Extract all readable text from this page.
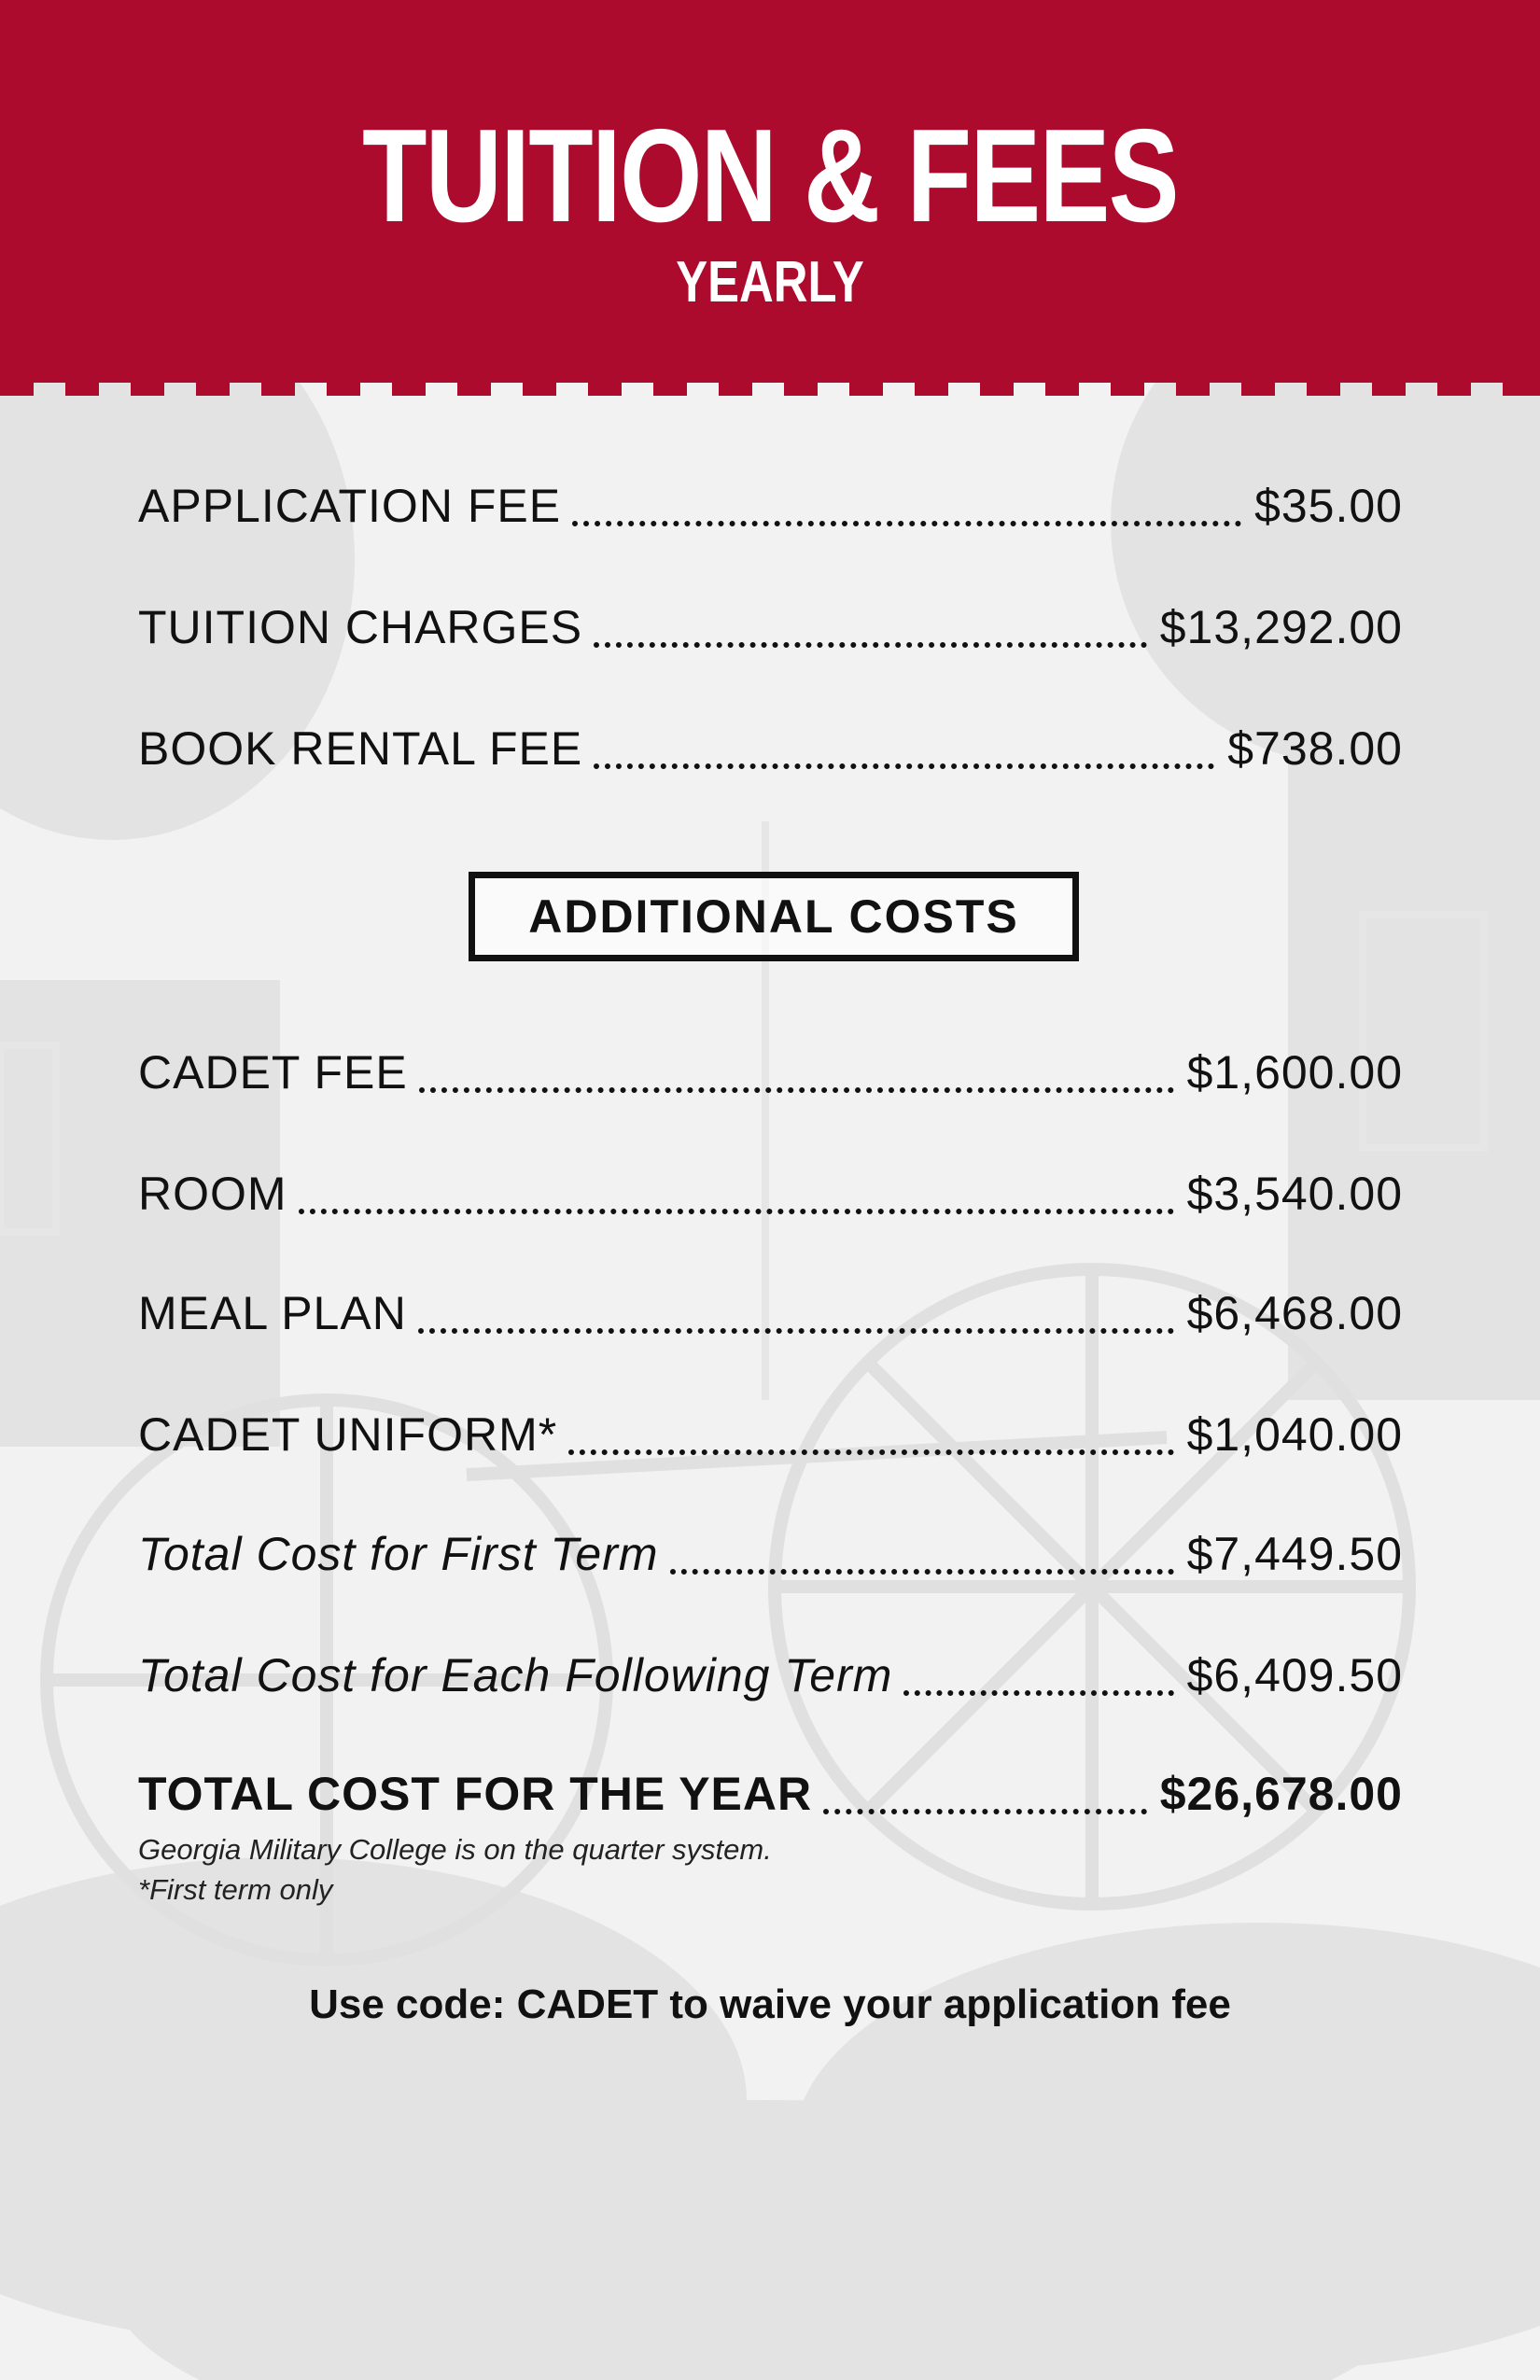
TUITION & FEES
YEARLY
APPLICATION FEE	$35.00
TUITION CHARGES	$13,292.00
BOOK RENTAL FEE	$738.00
ADDITIONAL COSTS
CADET FEE	$1,600.00
ROOM	$3,540.00
MEAL PLAN	$6,468.00
CADET UNIFORM*	$1,040.00
Total Cost for First Term	$7,449.50
Total Cost for Each Following Term	$6,409.50
TOTAL COST FOR THE YEAR	$26,678.00
Georgia Military College is on the quarter system.
*First term only
Use code: CADET to waive your application fee
